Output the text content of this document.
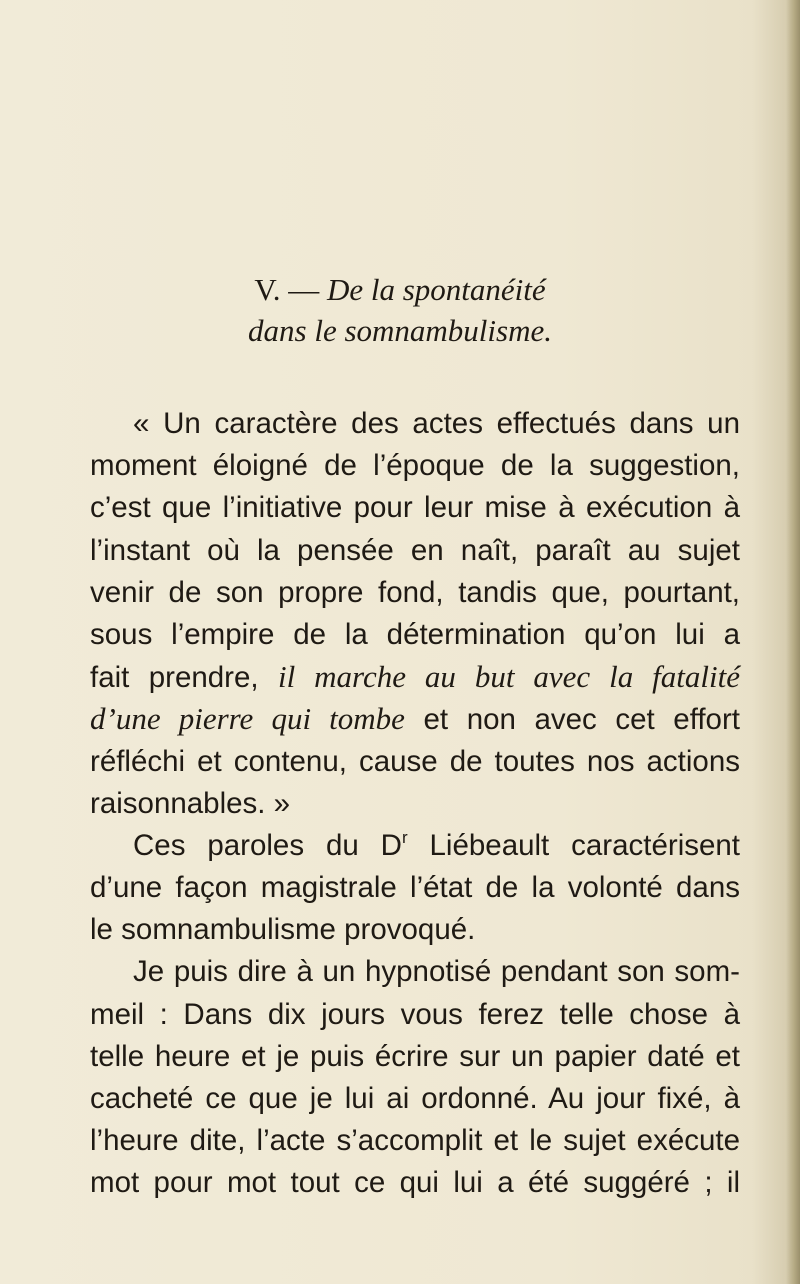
V. — De la spontanéité
dans le somnambulisme.
« Un caractère des actes effectués dans un
moment éloigné de l’époque de la suggestion,
c’est que l’initiative pour leur mise à exécution à
l’instant où la pensée en naît, paraît au sujet
venir de son propre fond, tandis que, pourtant,
sous l’empire de la détermination qu’on lui a
fait prendre, il marche au but avec la fatalité
d’une pierre qui tombe et non avec cet effort
réfléchi et contenu, cause de toutes nos actions
raisonnables. »
Ces paroles du $D^r$ Liébeault caractérisent
d’une façon magistrale l’état de la volonté dans
le somnambulisme provoqué.
Je puis dire à un hypnotisé pendant son som-
meil : Dans dix jours vous ferez telle chose à
telle heure et je puis écrire sur un papier daté et
cacheté ce que je lui ai ordonné. Au jour fixé, à
l’heure dite, l’acte s’accomplit et le sujet exécute
mot pour mot tout ce qui lui a été suggéré ; il
